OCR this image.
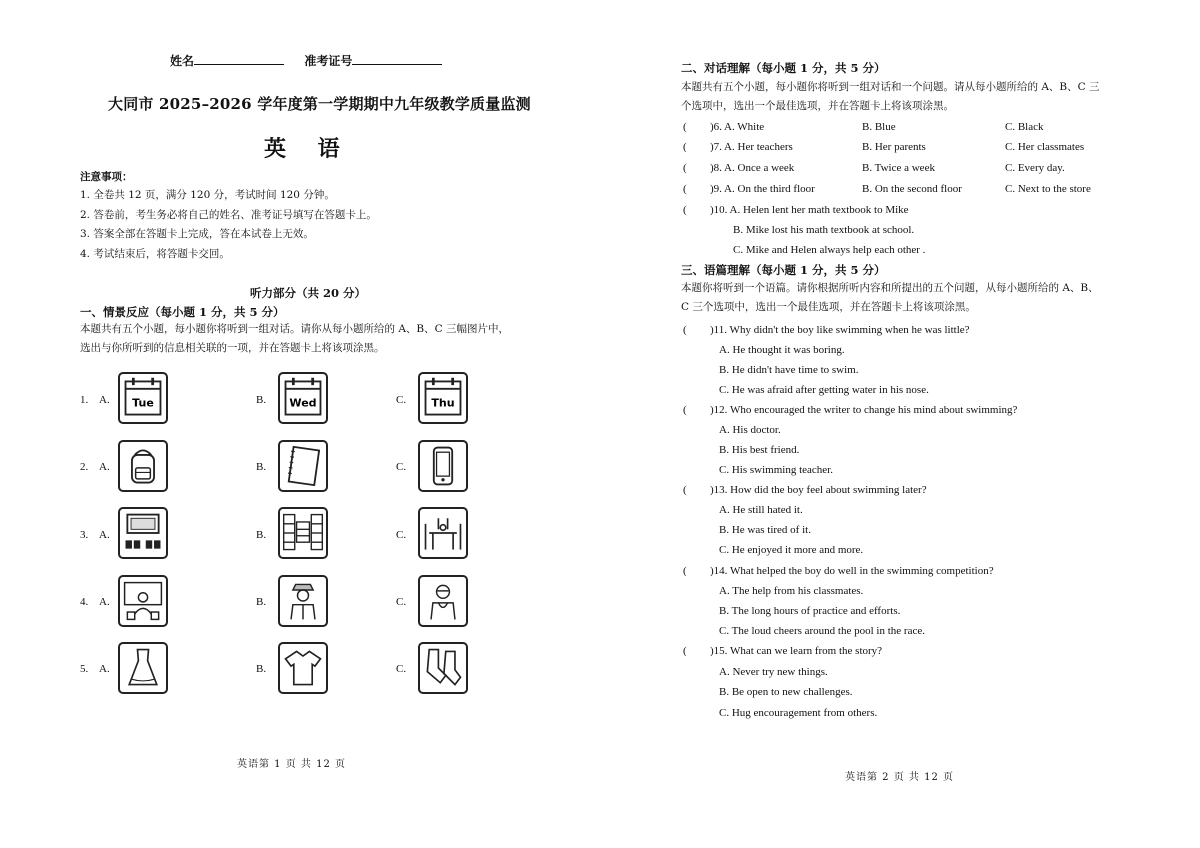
姓名	准考证号
大同市 2025–2026 学年度第一学期期中九年级教学质量监测
英 语
注意事项：
1. 全卷共 12 页，满分 120 分，考试时间 120 分钟。
2. 答卷前，考生务必将自己的姓名、准考证号填写在答题卡上。
3. 答案全部在答题卡上完成，答在本试卷上无效。
4. 考试结束后，将答题卡交回。
听力部分（共 20 分）
一、情景反应（每小题 1 分，共 5 分）
本题共有五个小题，每小题你将听到一组对话。请你从每小题所给的 A、B、C 三幅图片中，
选出与你所听到的信息相关联的一项，并在答题卡上将该项涂黑。
1. A. Tue	B. Wed	C. Thu
2. A.	B.	C.
3. A.	B.	C.
4. A.	B.	C.
5. A.	B.	C.
英语第 1 页 共 12 页
二、对话理解（每小题 1 分，共 5 分）
本题共有五个小题，每小题你将听到一组对话和一个问题。请从每小题所给的 A、B、C 三
个选项中，选出一个最佳选项，并在答题卡上将该项涂黑。
( )6. A. White	B. Blue	C. Black
( )7. A. Her teachers	B. Her parents	C. Her classmates
( )8. A. Once a week	B. Twice a week	C. Every day.
( )9. A. On the third floor	B. On the second floor	C. Next to the store
( )10. A. Helen lent her math textbook to Mike
B. Mike lost his math textbook at school.
C. Mike and Helen always help each other .
三、语篇理解（每小题 1 分，共 5 分）
本题你将听到一个语篇。请你根据所听内容和所提出的五个问题，从每小题所给的 A、B、
C 三个选项中，选出一个最佳选项，并在答题卡上将该项涂黑。
( )11. Why didn't the boy like swimming when he was little?
A. He thought it was boring.
B. He didn't have time to swim.
C. He was afraid after getting water in his nose.
( )12. Who encouraged the writer to change his mind about swimming?
A. His doctor.
B. His best friend.
C. His swimming teacher.
( )13. How did the boy feel about swimming later?
A. He still hated it.
B. He was tired of it.
C. He enjoyed it more and more.
( )14. What helped the boy do well in the swimming competition?
A. The help from his classmates.
B. The long hours of practice and efforts.
C. The loud cheers around the pool in the race.
( )15. What can we learn from the story?
A. Never try new things.
B. Be open to new challenges.
C. Hug encouragement from others.
英语第 2 页 共 12 页
